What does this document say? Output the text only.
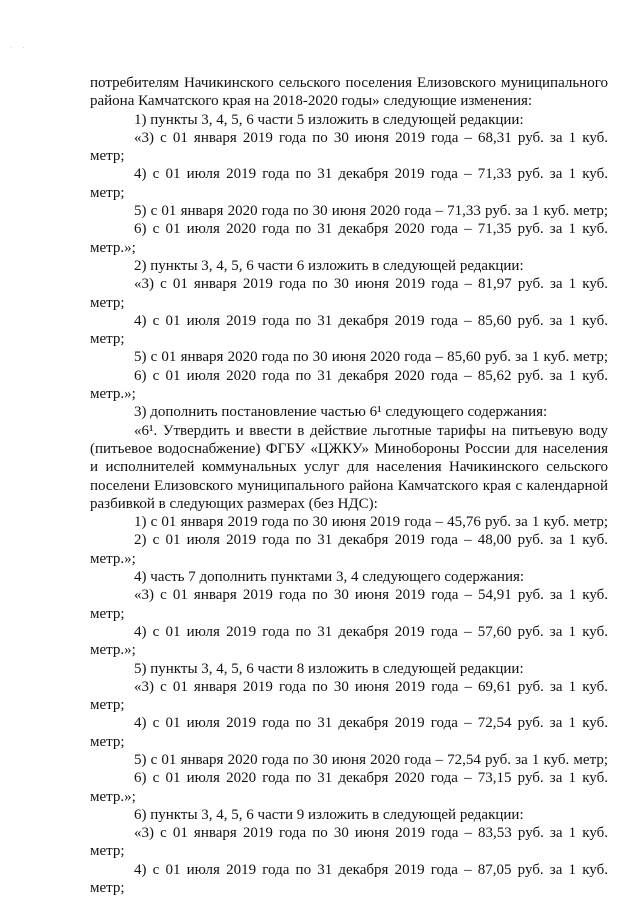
· ·

потребителям Начикинского сельского поселения Елизовского муниципального

района Камчатского края на 2018-2020 годы» следующие изменения:

1) пункты 3, 4, 5, 6 части 5 изложить в следующей редакции:

«3) с 01 января 2019 года по 30 июня 2019 года – 68,31 руб. за 1 куб.

метр;

4) с 01 июля 2019 года по 31 декабря 2019 года – 71,33 руб. за 1 куб.

метр;

5) с 01 января 2020 года по 30 июня 2020 года – 71,33 руб. за 1 куб. метр;

6) с 01 июля 2020 года по 31 декабря 2020 года – 71,35 руб. за 1 куб.

метр.»;

2) пункты 3, 4, 5, 6 части 6 изложить в следующей редакции:

«3) с 01 января 2019 года по 30 июня 2019 года – 81,97 руб. за 1 куб.

метр;

4) с 01 июля 2019 года по 31 декабря 2019 года – 85,60 руб. за 1 куб.

метр;

5) с 01 января 2020 года по 30 июня 2020 года – 85,60 руб. за 1 куб. метр;

6) с 01 июля 2020 года по 31 декабря 2020 года – 85,62 руб. за 1 куб.

метр.»;

3) дополнить постановление частью 6¹ следующего содержания:

«6¹. Утвердить и ввести в действие льготные тарифы на питьевую воду

(питьевое водоснабжение) ФГБУ «ЦЖКУ» Минобороны России для населения

и исполнителей коммунальных услуг для населения Начикинского сельского

поселени Елизовского муниципального района Камчатского края с календарной

разбивкой в следующих размерах (без НДС):

1) с 01 января 2019 года по 30 июня 2019 года – 45,76 руб. за 1 куб. метр;

2) с 01 июля 2019 года по 31 декабря 2019 года – 48,00 руб. за 1 куб.

метр.»;

4) часть 7 дополнить пунктами 3, 4 следующего содержания:

«3) с 01 января 2019 года по 30 июня 2019 года – 54,91 руб. за 1 куб.

метр;

4) с 01 июля 2019 года по 31 декабря 2019 года – 57,60 руб. за 1 куб.

метр.»;

5) пункты 3, 4, 5, 6 части 8 изложить в следующей редакции:

«3) с 01 января 2019 года по 30 июня 2019 года – 69,61 руб. за 1 куб.

метр;

4) с 01 июля 2019 года по 31 декабря 2019 года – 72,54 руб. за 1 куб.

метр;

5) с 01 января 2020 года по 30 июня 2020 года – 72,54 руб. за 1 куб. метр;

6) с 01 июля 2020 года по 31 декабря 2020 года – 73,15 руб. за 1 куб.

метр.»;

6) пункты 3, 4, 5, 6 части 9 изложить в следующей редакции:

«3) с 01 января 2019 года по 30 июня 2019 года – 83,53 руб. за 1 куб.

метр;

4) с 01 июля 2019 года по 31 декабря 2019 года – 87,05 руб. за 1 куб.

метр;
